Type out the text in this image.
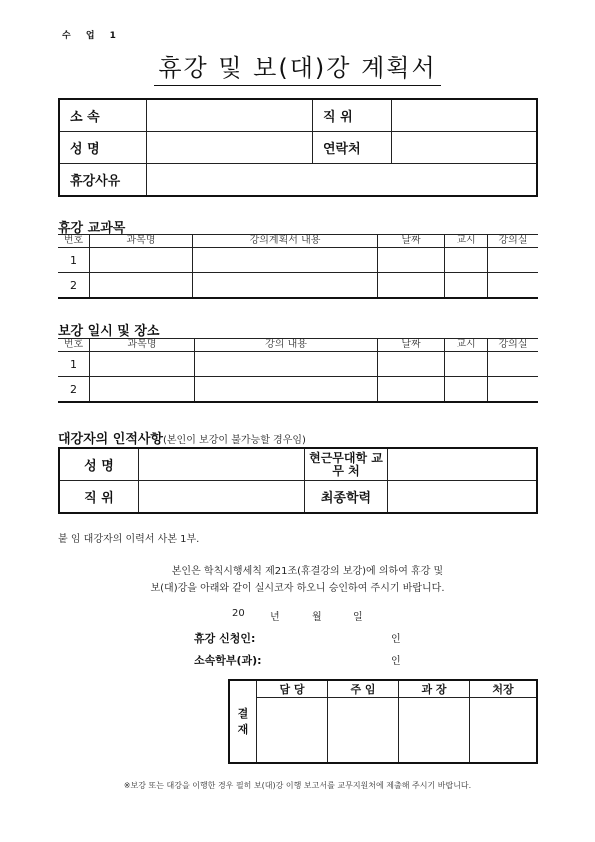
수 업 1
휴강 및 보(대)강 계획서
소 속		직 위	
성 명		연락처	
휴강사유			
휴강 교과목
번호	과목명	강의계획서 내용	날짜	교시	강의실
1					
2					
보강 일시 및 장소
번호	과목명	강의 내용	날짜	교시	강의실
1					
2					
대강자의 인적사항(본인이 보강이 불가능할 경우임)
성 명		현근무대학 교 무 처	
직 위		최종학력	
붙 임 대강자의 이력서 사본 1부.
본인은 학칙시행세칙 제21조(휴결강의 보강)에 의하여 휴강 및
보(대)강을 아래와 같이 실시코자 하오니 승인하여 주시기 바랍니다.
20	년	월	일
휴강 신청인:	인
소속학부(과):	인
결 재	담 당	주 임	과 장	처장

※보강 또는 대강을 이행한 경우 필히 보(대)강 이행 보고서를 교무지원처에 제출해 주시기 바랍니다.
